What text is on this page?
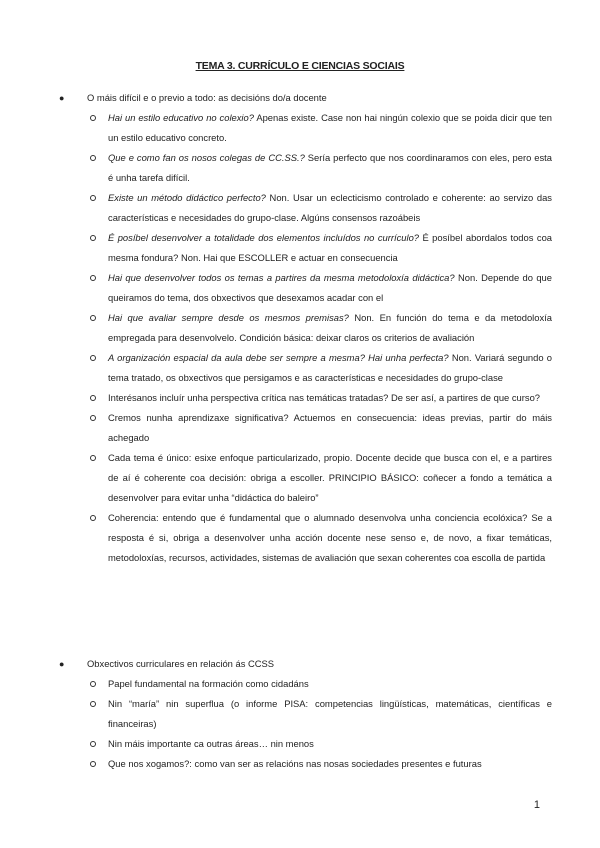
TEMA 3. CURRÍCULO E CIENCIAS SOCIAIS
●	O máis difícil e o previo a todo: as decisións do/a docente
Hai un estilo educativo no colexio? Apenas existe. Case non hai ningún colexio que se poida dicir que ten un estilo educativo concreto.
Que e como fan os nosos colegas de CC.SS.? Sería perfecto que nos coordinaramos con eles, pero esta é unha tarefa difícil.
Existe un método didáctico perfecto? Non. Usar un eclecticismo controlado e coherente: ao servizo das características e necesidades do grupo-clase. Algúns consensos razoábeis
É posíbel desenvolver a totalidade dos elementos incluídos no currículo? É posíbel abordalos todos coa mesma fondura? Non. Hai que ESCOLLER e actuar en consecuencia
Hai que desenvolver todos os temas a partires da mesma metodoloxía didáctica? Non. Depende do que queiramos do tema, dos obxectivos que desexamos acadar con el
Hai que avaliar sempre desde os mesmos premisas? Non. En función do tema e da metodoloxía empregada para desenvolvelo. Condición básica: deixar claros os criterios de avaliación
A organización espacial da aula debe ser sempre a mesma? Hai unha perfecta? Non. Variará segundo o tema tratado, os obxectivos que persigamos e as características e necesidades do grupo-clase
Interésanos incluír unha perspectiva crítica nas temáticas tratadas? De ser así, a partires de que curso?
Cremos nunha aprendizaxe significativa? Actuemos en consecuencia: ideas previas, partir do máis achegado
Cada tema é único: esixe enfoque particularizado, propio. Docente decide que busca con el, e a partires de aí é coherente coa decisión: obriga a escoller. PRINCIPIO BÁSICO: coñecer a fondo a temática a desenvolver para evitar unha “didáctica do baleiro”
Coherencia: entendo que é fundamental que o alumnado desenvolva unha conciencia ecolóxica? Se a resposta é si, obriga a desenvolver unha acción docente nese senso e, de novo, a fixar temáticas, metodoloxías, recursos, actividades, sistemas de avaliación que sexan coherentes coa escolla de partida
●	Obxectivos curriculares en relación ás CCSS
Papel fundamental na formación como cidadáns
Nin “maría” nin superflua (o informe PISA: competencias lingüísticas, matemáticas, científicas e financeiras)
Nin máis importante ca outras áreas… nin menos
Que nos xogamos?: como van ser as relacións nas nosas sociedades presentes e futuras
1
